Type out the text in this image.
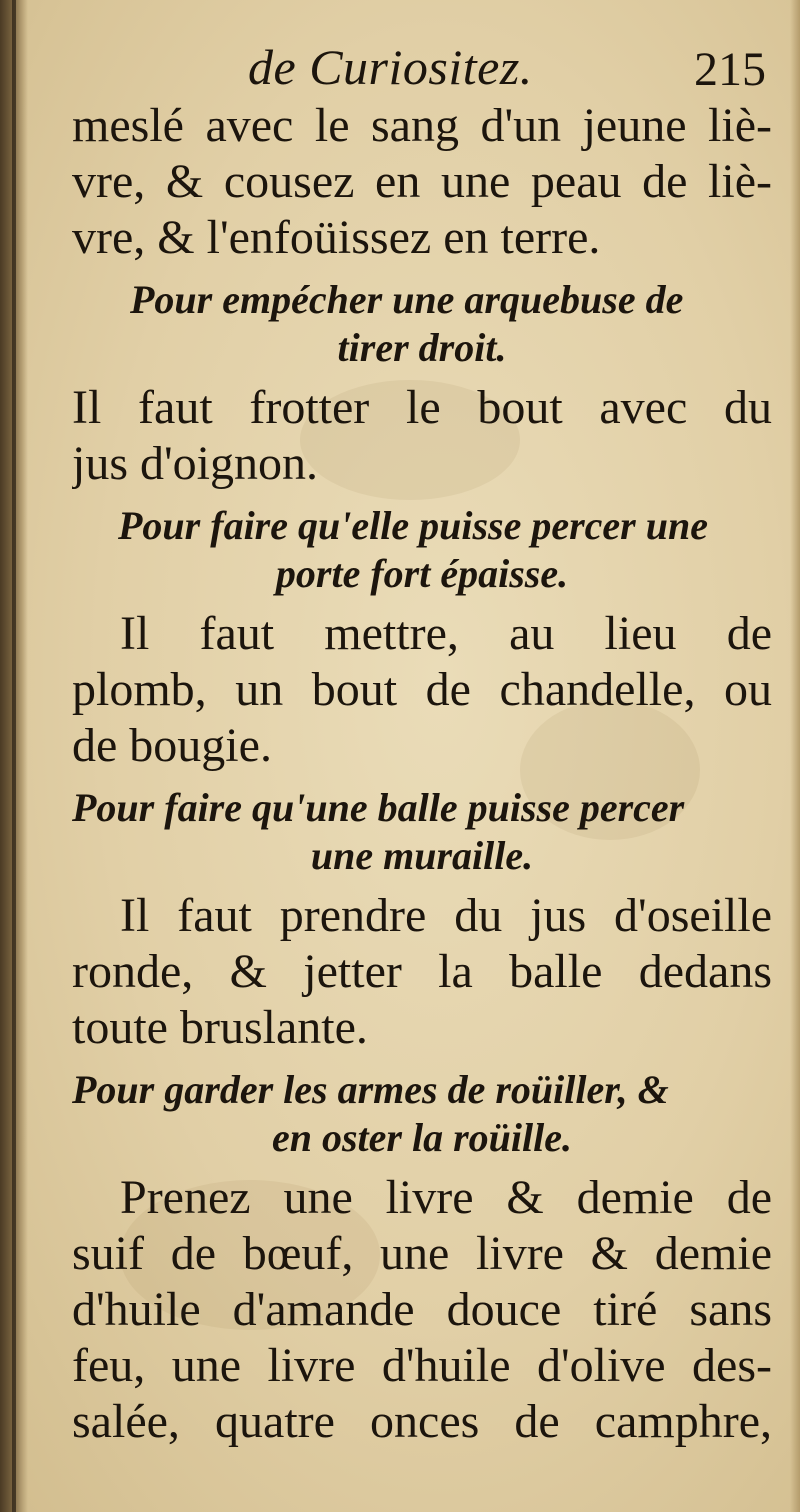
de Curiositez.	215
meslé avec le sang d'un jeune liè-
vre, & cousez en une peau de liè-
vre, & l'enfoüissez en terre.
Pour empécher une arquebuse de
tirer droit.
Il faut frotter le bout avec du
jus d'oignon.
Pour faire qu'elle puisse percer une
porte fort épaisse.
Il faut mettre, au lieu de
plomb, un bout de chandelle, ou
de bougie.
Pour faire qu'une balle puisse percer
une muraille.
Il faut prendre du jus d'oseille
ronde, & jetter la balle dedans
toute bruslante.
Pour garder les armes de roüiller, &
en oster la roüille.
Prenez une livre & demie de
suif de bœuf, une livre & demie
d'huile d'amande douce tiré sans
feu, une livre d'huile d'olive des-
salée, quatre onces de camphre,
